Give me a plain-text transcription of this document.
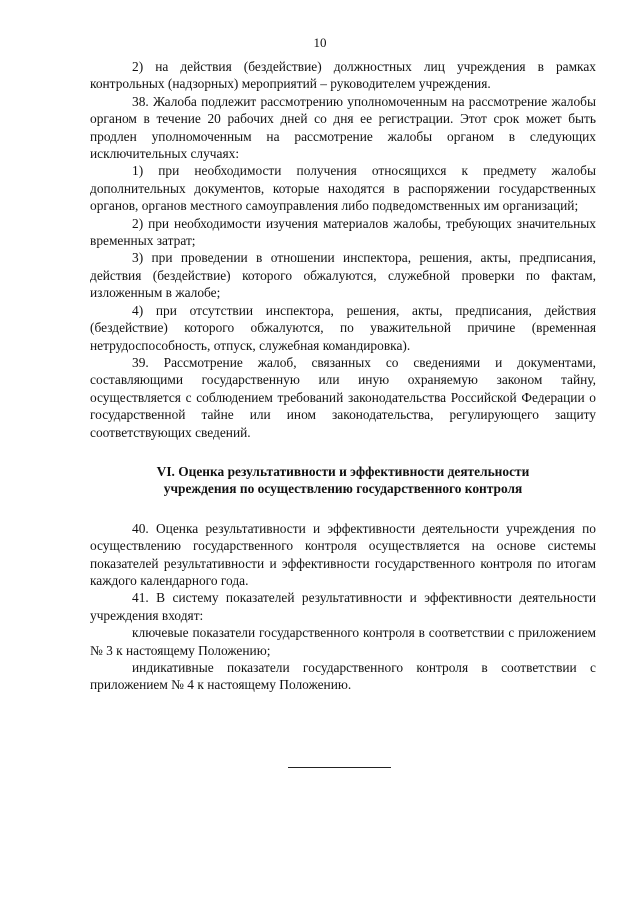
10

2) на действия (бездействие) должностных лиц учреждения в рамках контрольных (надзорных) мероприятий – руководителем учреждения.

38. Жалоба подлежит рассмотрению уполномоченным на рассмотрение жалобы органом в течение 20 рабочих дней со дня ее регистрации. Этот срок может быть продлен уполномоченным на рассмотрение жалобы органом в следующих исключительных случаях:

1) при необходимости получения относящихся к предмету жалобы дополнительных документов, которые находятся в распоряжении государственных органов, органов местного самоуправления либо подведомственных им организаций;

2) при необходимости изучения материалов жалобы, требующих значительных временных затрат;

3) при проведении в отношении инспектора, решения, акты, предписания, действия (бездействие) которого обжалуются, служебной проверки по фактам, изложенным в жалобе;

4) при отсутствии инспектора, решения, акты, предписания, действия (бездействие) которого обжалуются, по уважительной причине (временная нетрудоспособность, отпуск, служебная командировка).

39. Рассмотрение жалоб, связанных со сведениями и документами, составляющими государственную или иную охраняемую законом тайну, осуществляется с соблюдением требований законодательства Российской Федерации о государственной тайне или ином законодательства, регулирующего защиту соответствующих сведений.

VI. Оценка результативности и эффективности деятельности
учреждения по осуществлению государственного контроля

40. Оценка результативности и эффективности деятельности учреждения по осуществлению государственного контроля осуществляется на основе системы показателей результативности и эффективности государственного контроля по итогам каждого календарного года.

41. В систему показателей результативности и эффективности деятельности учреждения входят:

ключевые показатели государственного контроля в соответствии с приложением № 3 к настоящему Положению;

индикативные показатели государственного контроля в соответствии с приложением № 4 к настоящему Положению.
